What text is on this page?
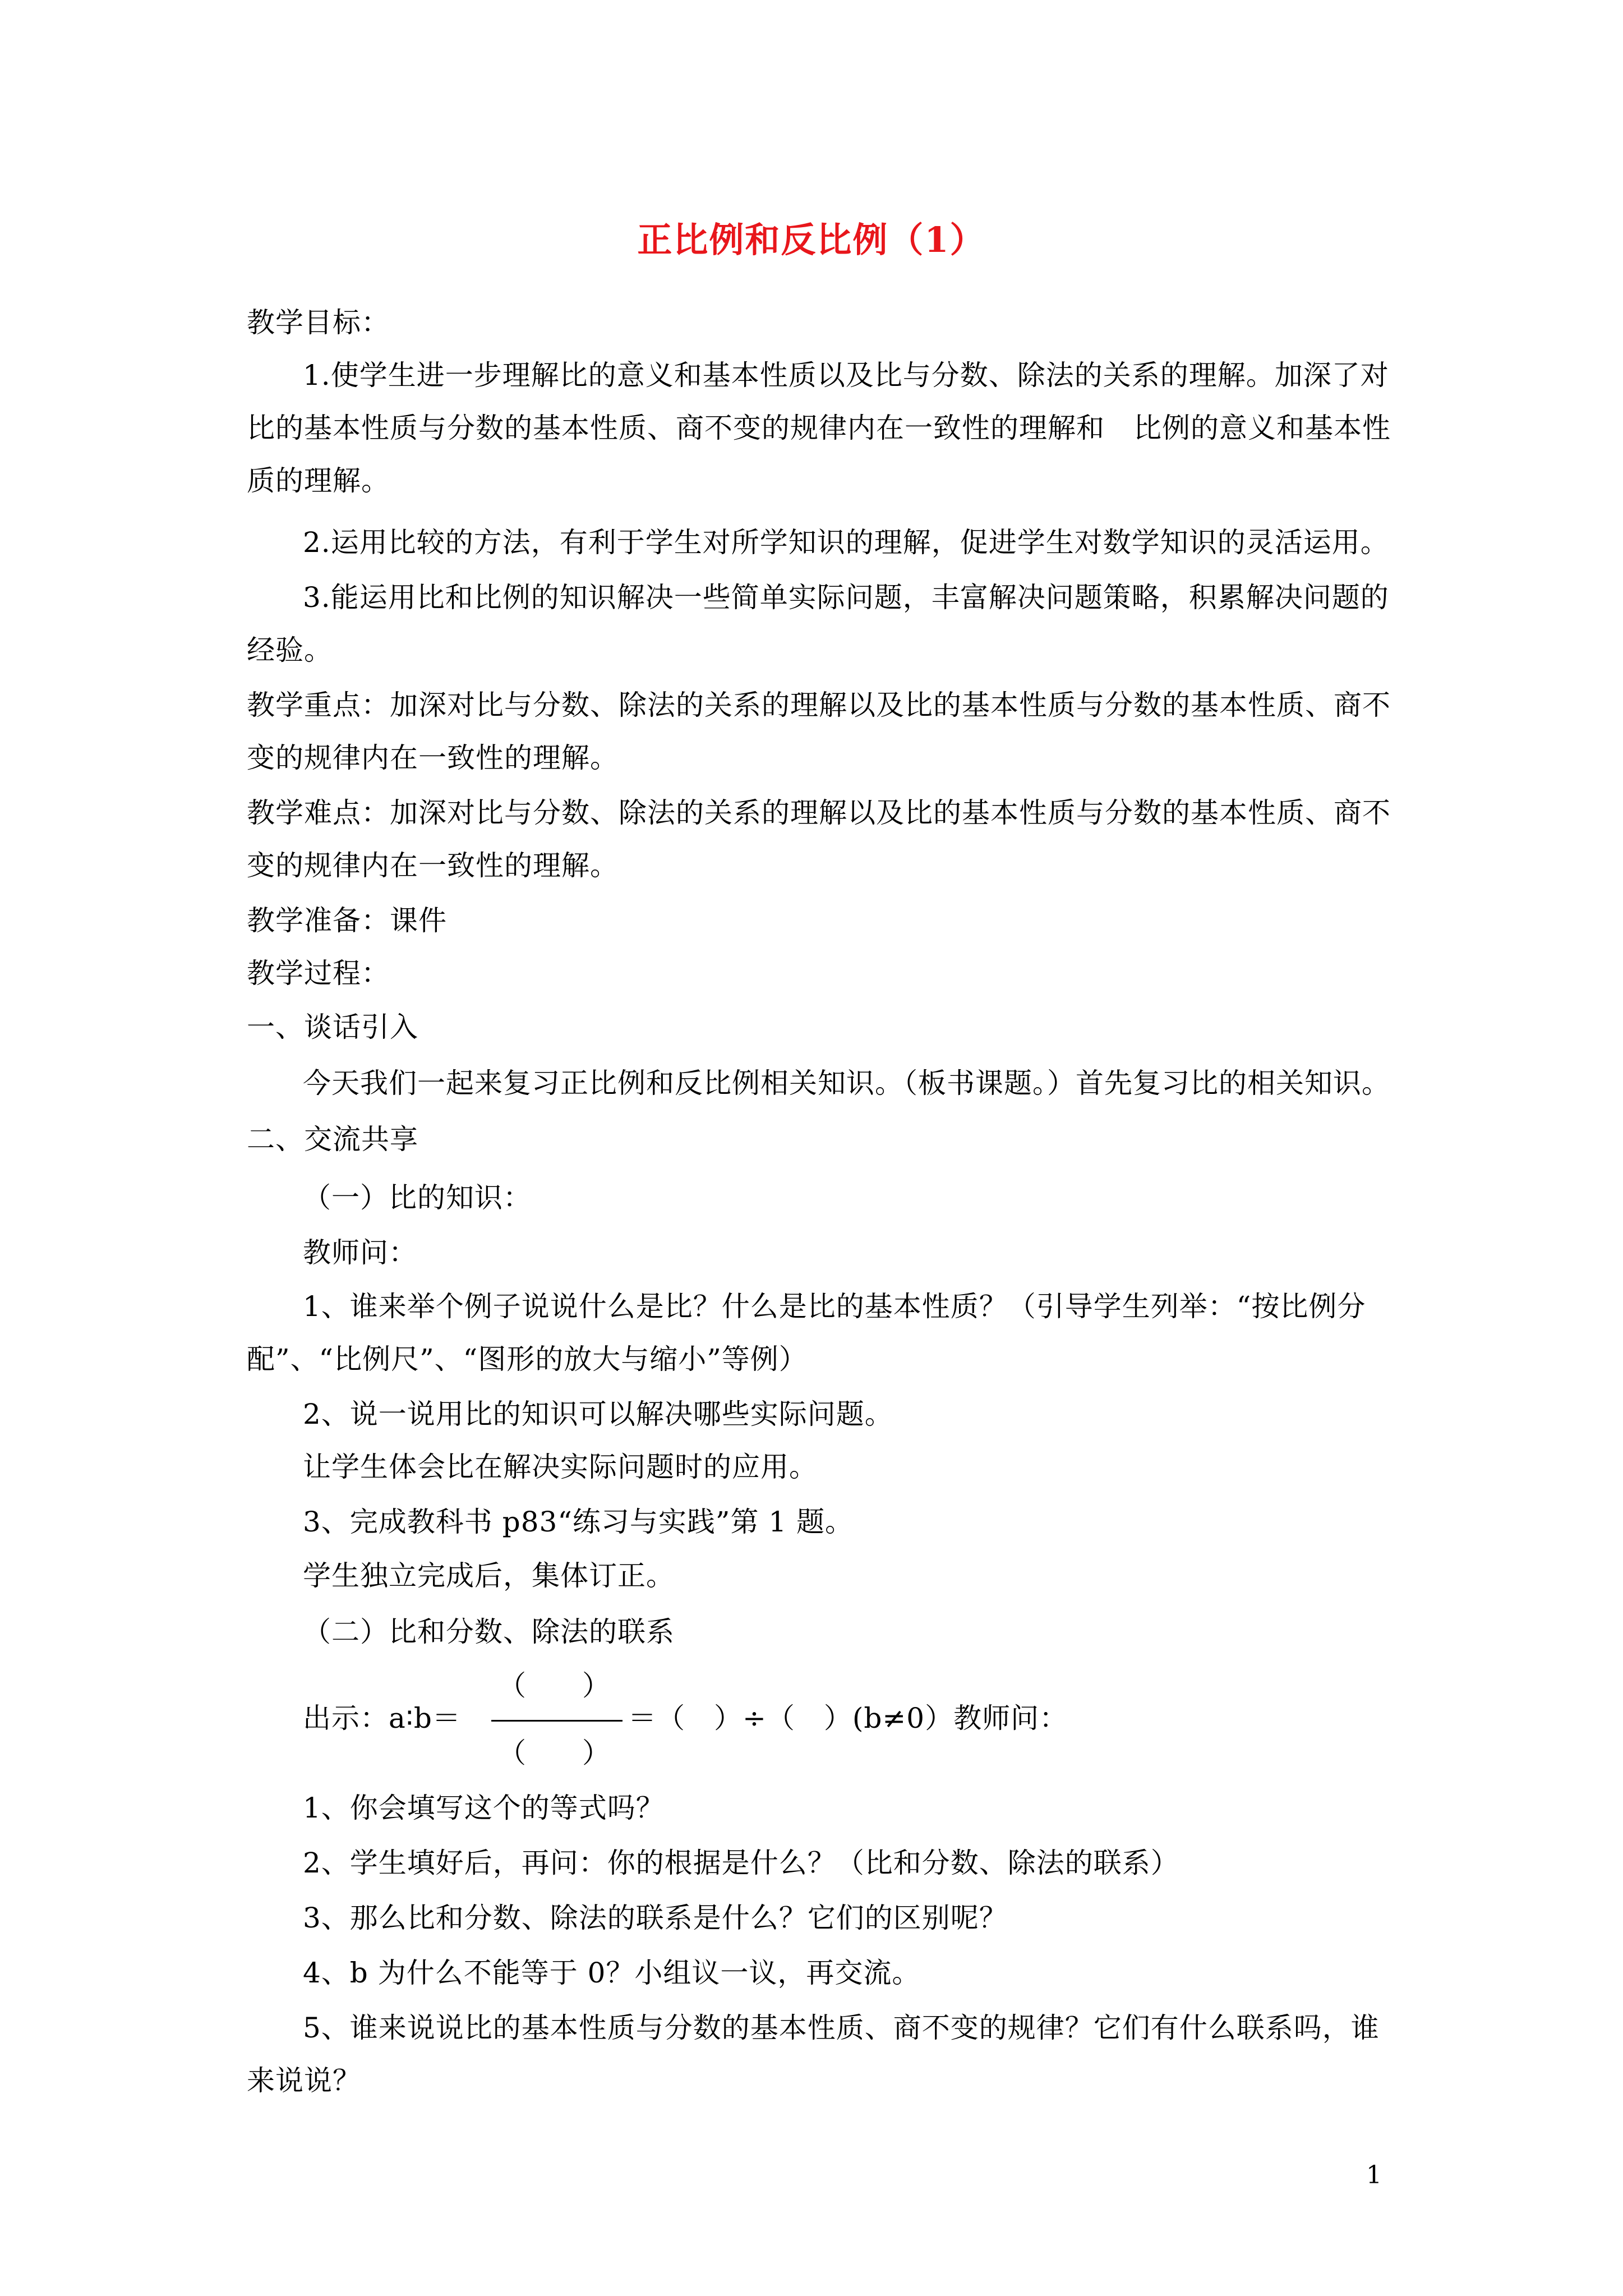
正比例和反比例（1）
教学目标：
1.使学生进一步理解比的意义和基本性质以及比与分数、除法的关系的理解。加深了对
比的基本性质与分数的基本性质、商不变的规律内在一致性的理解和　比例的意义和基本性
质的理解。
2.运用比较的方法，有利于学生对所学知识的理解，促进学生对数学知识的灵活运用。
3.能运用比和比例的知识解决一些简单实际问题，丰富解决问题策略，积累解决问题的
经验。
教学重点：加深对比与分数、除法的关系的理解以及比的基本性质与分数的基本性质、商不
变的规律内在一致性的理解。
教学难点：加深对比与分数、除法的关系的理解以及比的基本性质与分数的基本性质、商不
变的规律内在一致性的理解。
教学准备：课件
教学过程：
一、谈话引入
今天我们一起来复习正比例和反比例相关知识。（板书课题。）首先复习比的相关知识。
二、交流共享
（一）比的知识：
教师问：
1、谁来举个例子说说什么是比？什么是比的基本性质？（引导学生列举：“按比例分
配”、“比例尺”、“图形的放大与缩小”等例）
2、说一说用比的知识可以解决哪些实际问题。
让学生体会比在解决实际问题时的应用。
3、完成教科书 p83“练习与实践”第 1 题。
学生独立完成后，集体订正。
（二）比和分数、除法的联系
出示：a∶b＝
（　　）
（　　）
＝（　）÷（　）(b≠0）教师问：
1、你会填写这个的等式吗？
2、学生填好后，再问：你的根据是什么？（比和分数、除法的联系）
3、那么比和分数、除法的联系是什么？它们的区别呢？
4、b 为什么不能等于 0？小组议一议，再交流。
5、谁来说说比的基本性质与分数的基本性质、商不变的规律？它们有什么联系吗，谁
来说说？
1
